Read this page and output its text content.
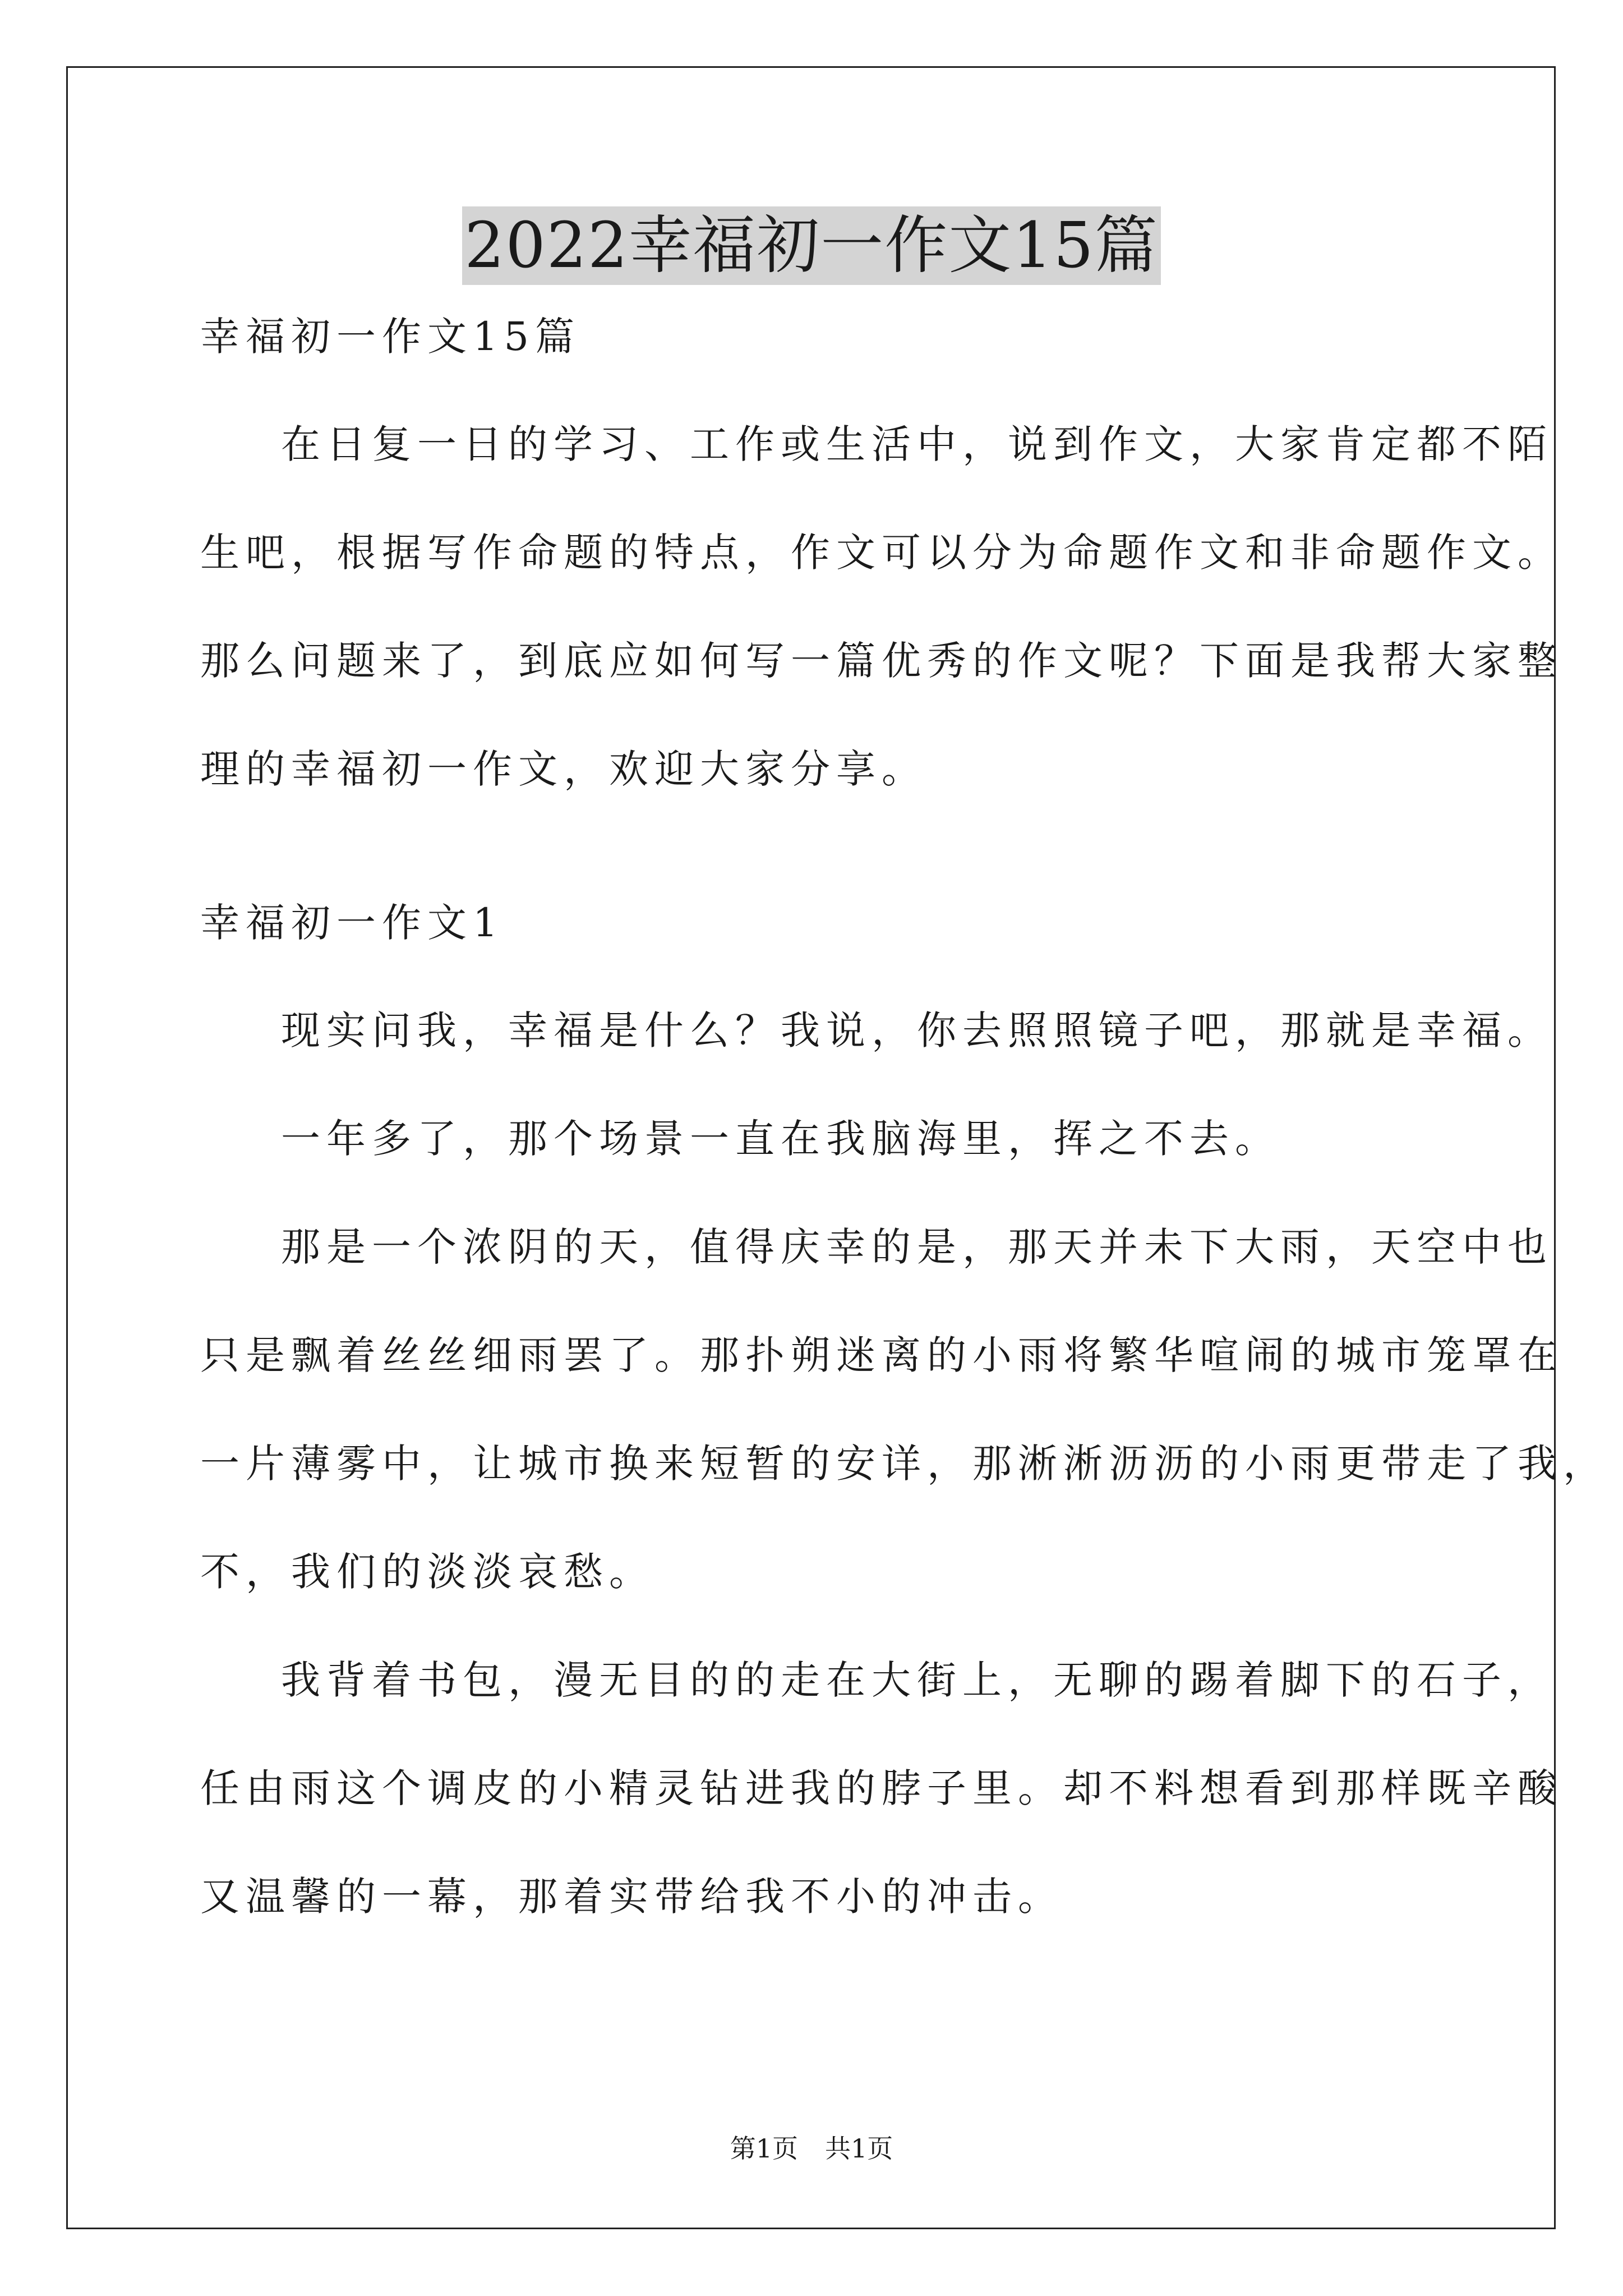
2022幸福初一作文15篇
幸福初一作文15篇
在日复一日的学习、工作或生活中，说到作文，大家肯定都不陌
生吧，根据写作命题的特点，作文可以分为命题作文和非命题作文。
那么问题来了，到底应如何写一篇优秀的作文呢？下面是我帮大家整
理的幸福初一作文，欢迎大家分享。
幸福初一作文1
现实问我，幸福是什么？我说，你去照照镜子吧，那就是幸福。
一年多了，那个场景一直在我脑海里，挥之不去。
那是一个浓阴的天，值得庆幸的是，那天并未下大雨，天空中也
只是飘着丝丝细雨罢了。那扑朔迷离的小雨将繁华喧闹的城市笼罩在
一片薄雾中，让城市换来短暂的安详，那淅淅沥沥的小雨更带走了我，
不，我们的淡淡哀愁。
我背着书包，漫无目的的走在大街上，无聊的踢着脚下的石子，
任由雨这个调皮的小精灵钻进我的脖子里。却不料想看到那样既辛酸
又温馨的一幕，那着实带给我不小的冲击。
第1页 共1页
